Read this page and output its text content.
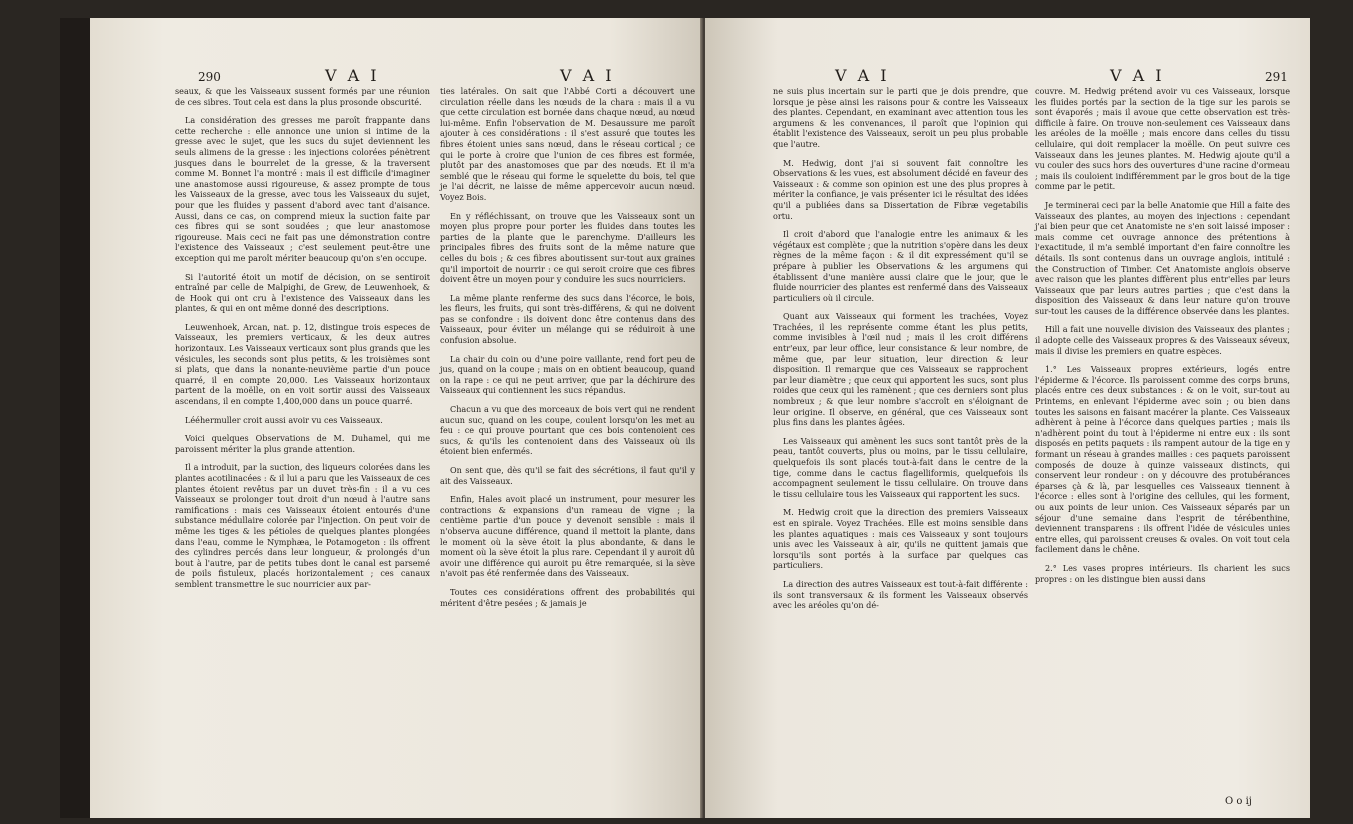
290	V A I	V A I

seaux, & que les Vaisseaux sussent formés par une réunion de ces sibres. Tout cela est dans la plus prosonde obscurité.

La considération des gresses me paroît frappante dans cette recherche : elle annonce une union si intime de la gresse avec le sujet, que les sucs du sujet deviennent les seuls alimens de la gresse : les injections colorées pénètrent jusques dans le bourrelet de la gresse, & la traversent comme M. Bonnet l'a montré : mais il est difficile d'imaginer une anastomose aussi rigoureuse, & assez prompte de tous les Vaisseaux de la gresse, avec tous les Vaisseaux du sujet, pour que les fluides y passent d'abord avec tant d'aisance. Aussi, dans ce cas, on comprend mieux la suction faite par ces fibres qui se sont soudées ; que leur anastomose rigoureuse. Mais ceci ne fait pas une démonstration contre l'existence des Vaisseaux ; c'est seulement peut-être une exception qui me paroît mériter beaucoup qu'on s'en occupe.

Si l'autorité étoit un motif de décision, on se sentiroit entraîné par celle de Malpighi, de Grew, de Leuwenhoek, & de Hook qui ont cru à l'existence des Vaisseaux dans les plantes, & qui en ont même donné des descriptions.

Leuwenhoek, Arcan, nat. p. 12, distingue trois especes de Vaisseaux, les premiers verticaux, & les deux autres horizontaux. Les Vaisseaux verticaux sont plus grands que les vésicules, les seconds sont plus petits, & les troisièmes sont si plats, que dans la nonante-neuvième partie d'un pouce quarré, il en compte 20,000. Les Vaisseaux horizontaux partent de la moëlle, on en voit sortir aussi des Vaisseaux ascendans, il en compte 1,400,000 dans un pouce quarré.

Lééhermuller croit aussi avoir vu ces Vaisseaux.

Voici quelques Observations de M. Duhamel, qui me paroissent mériter la plus grande attention.

Il a introduit, par la suction, des liqueurs colorées dans les plantes acotilinacées : & il lui a paru que les Vaisseaux de ces plantes étoient revêtus par un duvet très-fin : il a vu ces Vaisseaux se prolonger tout droit d'un nœud à l'autre sans ramifications : mais ces Vaisseaux étoient entourés d'une substance médullaire colorée par l'injection. On peut voir de même les tiges & les pétioles de quelques plantes plongées dans l'eau, comme le Nymphæa, le Potamogeton : ils offrent des cylindres percés dans leur longueur, & prolongés d'un bout à l'autre, par de petits tubes dont le canal est parsemé de poils fistuleux, placés horizontalement ; ces canaux semblent transmettre le suc nourricier aux par-

ties latérales. On sait que l'Abbé Corti a découvert une circulation réelle dans les nœuds de la chara : mais il a vu que cette circulation est bornée dans chaque nœud, au nœud lui-même. Enfin l'observation de M. Desaussure me paroît ajouter à ces considérations : il s'est assuré que toutes les fibres étoient unies sans nœud, dans le réseau cortical ; ce qui le porte à croire que l'union de ces fibres est formée, plutôt par des anastomoses que par des nœuds. Et il m'a semblé que le réseau qui forme le squelette du bois, tel que je l'ai décrit, ne laisse de même appercevoir aucun nœud. Voyez Bois.

En y réfléchissant, on trouve que les Vaisseaux sont un moyen plus propre pour porter les fluides dans toutes les parties de la plante que le parenchyme. D'ailleurs les principales fibres des fruits sont de la même nature que celles du bois ; & ces fibres aboutissent sur-tout aux graines qu'il importoit de nourrir : ce qui seroit croire que ces fibres doivent être un moyen pour y conduire les sucs nourriciers.

La même plante renferme des sucs dans l'écorce, le bois, les fleurs, les fruits, qui sont très-différens, & qui ne doivent pas se confondre : ils doivent donc être contenus dans des Vaisseaux, pour éviter un mélange qui se réduiroit à une confusion absolue.

La chair du coin ou d'une poire vaillante, rend fort peu de jus, quand on la coupe ; mais on en obtient beaucoup, quand on la rape : ce qui ne peut arriver, que par la déchirure des Vaisseaux qui contiennent les sucs répandus.

Chacun a vu que des morceaux de bois vert qui ne rendent aucun suc, quand on les coupe, coulent lorsqu'on les met au feu : ce qui prouve pourtant que ces bois contenoient ces sucs, & qu'ils les contenoient dans des Vaisseaux où ils étoient bien enfermés.

On sent que, dès qu'il se fait des sécrétions, il faut qu'il y ait des Vaisseaux.

Enfin, Hales avoit placé un instrument, pour mesurer les contractions & expansions d'un rameau de vigne ; la centième partie d'un pouce y devenoit sensible : mais il n'observa aucune différence, quand il mettoit la plante, dans le moment où la sève étoit la plus abondante, & dans le moment où la sève étoit la plus rare. Cependant il y auroit dû avoir une différence qui auroit pu être remarquée, si la sève n'avoit pas été renfermée dans des Vaisseaux.

Toutes ces considérations offrent des probabilités qui méritent d'être pesées ; & jamais je

V A I	V A I	291

ne suis plus incertain sur le parti que je dois prendre, que lorsque je pèse ainsi les raisons pour & contre les Vaisseaux des plantes. Cependant, en examinant avec attention tous les argumens & les convenances, il paroît que l'opinion qui établit l'existence des Vaisseaux, seroit un peu plus probable que l'autre.

M. Hedwig, dont j'ai si souvent fait connoître les Observations & les vues, est absolument décidé en faveur des Vaisseaux : & comme son opinion est une des plus propres à mériter la confiance, je vais présenter ici le résultat des idées qu'il a publiées dans sa Dissertation de Fibræ vegetabilis ortu.

Il croit d'abord que l'analogie entre les animaux & les végétaux est complète ; que la nutrition s'opère dans les deux règnes de la même façon : & il dit expressément qu'il se prépare à publier les Observations & les argumens qui établissent d'une manière aussi claire que le jour, que le fluide nourricier des plantes est renfermé dans des Vaisseaux particuliers où il circule.

Quant aux Vaisseaux qui forment les trachées, Voyez Trachées, il les représente comme étant les plus petits, comme invisibles à l'œil nud ; mais il les croit différens entr'eux, par leur office, leur consistance & leur nombre, de même que, par leur situation, leur direction & leur disposition. Il remarque que ces Vaisseaux se rapprochent par leur diamètre ; que ceux qui apportent les sucs, sont plus roides que ceux qui les ramènent ; que ces derniers sont plus nombreux ; & que leur nombre s'accroît en s'éloignant de leur origine. Il observe, en général, que ces Vaisseaux sont plus fins dans les plantes âgées.

Les Vaisseaux qui amènent les sucs sont tantôt près de la peau, tantôt couverts, plus ou moins, par le tissu cellulaire, quelquefois ils sont placés tout-à-fait dans le centre de la tige, comme dans le cactus flagelliformis, quelquefois ils accompagnent seulement le tissu cellulaire. On trouve dans le tissu cellulaire tous les Vaisseaux qui rapportent les sucs.

M. Hedwig croit que la direction des premiers Vaisseaux est en spirale. Voyez Trachées. Elle est moins sensible dans les plantes aquatiques : mais ces Vaisseaux y sont toujours unis avec les Vaisseaux à air, qu'ils ne quittent jamais que lorsqu'ils sont portés à la surface par quelques cas particuliers.

La direction des autres Vaisseaux est tout-à-fait différente : ils sont transversaux & ils forment les Vaisseaux observés avec les aréoles qu'on dé-

couvre. M. Hedwig prétend avoir vu ces Vaisseaux, lorsque les fluides portés par la section de la tige sur les parois se sont évaporés ; mais il avoue que cette observation est très-difficile à faire. On trouve non-seulement ces Vaisseaux dans les aréoles de la moëlle ; mais encore dans celles du tissu cellulaire, qui doit remplacer la moëlle. On peut suivre ces Vaisseaux dans les jeunes plantes. M. Hedwig ajoute qu'il a vu couler des sucs hors des ouvertures d'une racine d'ormeau ; mais ils couloient indifféremment par le gros bout de la tige comme par le petit.

Je terminerai ceci par la belle Anatomie que Hill a faite des Vaisseaux des plantes, au moyen des injections : cependant j'ai bien peur que cet Anatomiste ne s'en soit laissé imposer : mais comme cet ouvrage annonce des prétentions à l'exactitude, il m'a semblé important d'en faire connoître les détails. Ils sont contenus dans un ouvrage anglois, intitulé : the Construction of Timber. Cet Anatomiste anglois observe avec raison que les plantes diffèrent plus entr'elles par leurs Vaisseaux que par leurs autres parties ; que c'est dans la disposition des Vaisseaux & dans leur nature qu'on trouve sur-tout les causes de la différence observée dans les plantes.

Hill a fait une nouvelle division des Vaisseaux des plantes ; il adopte celle des Vaisseaux propres & des Vaisseaux séveux, mais il divise les premiers en quatre espèces.

1.° Les Vaisseaux propres extérieurs, logés entre l'épiderme & l'écorce. Ils paroissent comme des corps bruns, placés entre ces deux substances : & on le voit, sur-tout au Printems, en enlevant l'épiderme avec soin ; ou bien dans toutes les saisons en faisant macérer la plante. Ces Vaisseaux adhèrent à peine à l'écorce dans quelques parties ; mais ils n'adhèrent point du tout à l'épiderme ni entre eux : ils sont disposés en petits paquets : ils rampent autour de la tige en y formant un réseau à grandes mailles : ces paquets paroissent composés de douze à quinze vaisseaux distincts, qui conservent leur rondeur : on y découvre des protubérances éparses çà & là, par lesquelles ces Vaisseaux tiennent à l'écorce : elles sont à l'origine des cellules, qui les forment, ou aux points de leur union. Ces Vaisseaux séparés par un séjour d'une semaine dans l'esprit de térébenthine, deviennent transparens : ils offrent l'idée de vésicules unies entre elles, qui paroissent creuses & ovales. On voit tout cela facilement dans le chêne.

2.° Les vases propres intérieurs. Ils charient les sucs propres : on les distingue bien aussi dans

O o ij
